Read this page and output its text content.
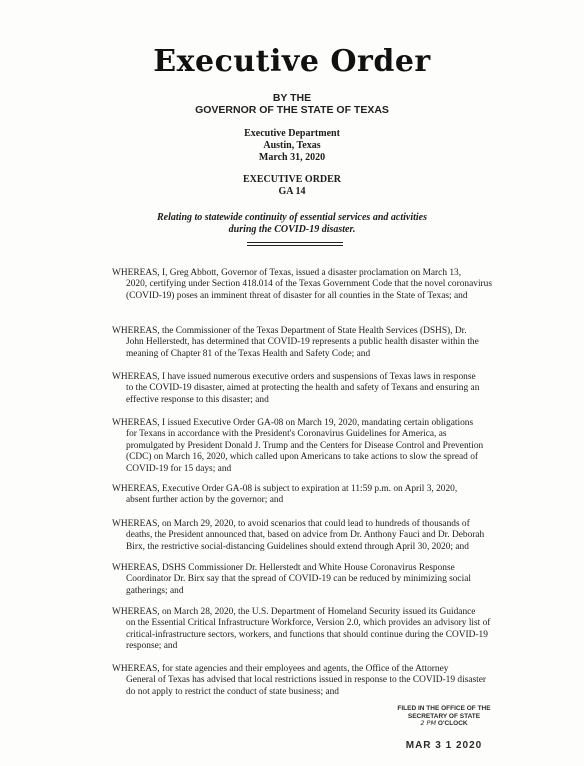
Executive Order
BY THE
GOVERNOR OF THE STATE OF TEXAS
Executive Department
Austin, Texas
March 31, 2020
EXECUTIVE ORDER
GA 14
Relating to statewide continuity of essential services and activities
during the COVID-19 disaster.
WHEREAS, I, Greg Abbott, Governor of Texas, issued a disaster proclamation on March 13,
2020, certifying under Section 418.014 of the Texas Government Code that the novel coronavirus (COVID-19) poses an imminent threat of disaster for all counties in the State of Texas; and
WHEREAS, the Commissioner of the Texas Department of State Health Services (DSHS), Dr.
John Hellerstedt, has determined that COVID-19 represents a public health disaster within the meaning of Chapter 81 of the Texas Health and Safety Code; and
WHEREAS, I have issued numerous executive orders and suspensions of Texas laws in response
to the COVID-19 disaster, aimed at protecting the health and safety of Texans and ensuring an effective response to this disaster; and
WHEREAS, I issued Executive Order GA-08 on March 19, 2020, mandating certain obligations
for Texans in accordance with the President's Coronavirus Guidelines for America, as promulgated by President Donald J. Trump and the Centers for Disease Control and Prevention (CDC) on March 16, 2020, which called upon Americans to take actions to slow the spread of COVID-19 for 15 days; and
WHEREAS, Executive Order GA-08 is subject to expiration at 11:59 p.m. on April 3, 2020,
absent further action by the governor; and
WHEREAS, on March 29, 2020, to avoid scenarios that could lead to hundreds of thousands of
deaths, the President announced that, based on advice from Dr. Anthony Fauci and Dr. Deborah Birx, the restrictive social-distancing Guidelines should extend through April 30, 2020; and
WHEREAS, DSHS Commissioner Dr. Hellerstedt and White House Coronavirus Response
Coordinator Dr. Birx say that the spread of COVID-19 can be reduced by minimizing social gatherings; and
WHEREAS, on March 28, 2020, the U.S. Department of Homeland Security issued its Guidance
on the Essential Critical Infrastructure Workforce, Version 2.0, which provides an advisory list of critical-infrastructure sectors, workers, and functions that should continue during the COVID-19 response; and
WHEREAS, for state agencies and their employees and agents, the Office of the Attorney
General of Texas has advised that local restrictions issued in response to the COVID-19 disaster do not apply to restrict the conduct of state business; and
FILED IN THE OFFICE OF THE
SECRETARY OF STATE
2 PM O'CLOCK
MAR 3 1 2020
